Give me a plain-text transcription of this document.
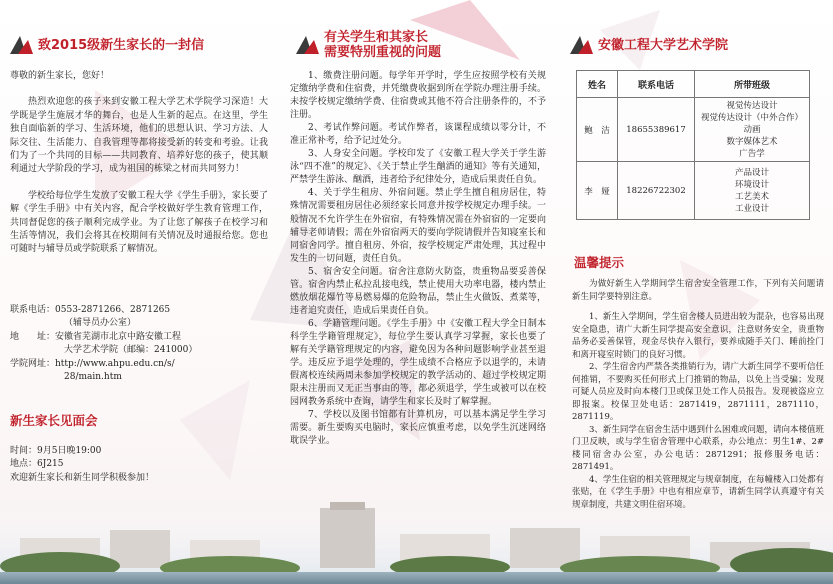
致2015级新生家长的一封信

尊敬的新生家长，您好！

热烈欢迎您的孩子来到安徽工程大学艺术学院学习深造！大学既是学生施展才华的舞台，也是人生新的起点。在这里，学生独自面临新的学习、生活环境，他们的思想认识、学习方法、人际交往、生活能力、自我管理等都将接受新的转变和考验。让我们为了一个共同的目标——共同教育、培养好您的孩子，使其顺利通过大学阶段的学习，成为祖国的栋梁之材而共同努力！

学校给每位学生发放了安徽工程大学《学生手册》，家长要了解《学生手册》中有关内容，配合学校做好学生教育管理工作，共同督促您的孩子顺利完成学业。为了让您了解孩子在校学习和生活等情况，我们会将其在校期间有关情况及时通报给您。您也可随时与辅导员或学院联系了解情况。

联系电话：0553-2871266、2871265

（辅导员办公室）

地　　址：安徽省芜湖市北京中路安徽工程

大学艺术学院（邮编：241000）

学院网址：http://www.ahpu.edu.cn/s/

28/main.htm

新生家长见面会

时间：9月5日晚19:00

地点：6J215

欢迎新生家长和新生同学积极参加！

有关学生和其家长
需要特别重视的问题

1、缴费注册问题。每学年开学时，学生应按照学校有关规定缴纳学费和住宿费，并凭缴费收据到所在学院办理注册手续。未按学校规定缴纳学费、住宿费或其他不符合注册条件的，不予注册。

2、考试作弊问题。考试作弊者，该课程成绩以零分计，不准正常补考，给予记过处分。

3、人身安全问题。学校印发了《安徽工程大学关于学生游泳“四不准”的规定》、《关于禁止学生酗酒的通知》等有关通知，严禁学生游泳、酗酒，违者给予纪律处分，造成后果责任自负。

4、关于学生租房、外宿问题。禁止学生擅自租房居住，特殊情况需要租房居住必须经家长同意并按学校规定办理手续。一般情况不允许学生在外宿宿，有特殊情况需在外宿宿的一定要向辅导老师请假；需在外宿宿两天的要向学院请假并告知寝室长和同宿舍同学。擅自租房、外宿，按学校规定严肃处理，其过程中发生的一切问题，责任自负。

5、宿舍安全问题。宿舍注意防火防盗，贵重物品要妥善保管。宿舍内禁止私拉乱接电线，禁止使用大功率电器，楼内禁止燃放烟花爆竹等易燃易爆的危险物品，禁止生火做饭、煮菜等，违者追究责任，造成后果责任自负。

6、学籍管理问题。《学生手册》中《安徽工程大学全日制本科学生学籍管理规定》，每位学生要认真学习掌握，家长也要了解有关学籍管理规定的内容，避免因为各种问题影响学业甚至退学。违反应予退学处理的，学生成绩不合格应予以退学的，未请假离校连续两周未参加学校规定的教学活动的、超过学校规定期限未注册而又无正当事由的等，都必须退学，学生或被可以在校园网教务系统中查询，请学生和家长及时了解掌握。

7、学校以及图书馆都有计算机房，可以基本满足学生学习需要。新生要购买电脑时，家长应慎重考虑，以免学生沉迷网络耽误学业。

安徽工程大学艺术学院
姓名	联系电话	所带班级
鲍　洁	18655389617	视觉传达设计
视觉传达设计（中外合作）
动画
数字媒体艺术
广告学

李　娅	18226722302	产品设计
环境设计
工艺美术
工业设计
温馨提示

为做好新生入学期间学生宿舍安全管理工作，下列有关问题请新生同学要特别注意。

1、新生入学期间，学生宿舍楼人员进出较为混杂，也容易出现安全隐患，请广大新生同学提高安全意识，注意财务安全，贵重物品务必妥善保管，现金尽快存入银行，要养成随手关门、睡前拴门和离开寝室时锁门的良好习惯。

2、学生宿舍内严禁各类推销行为，请广大新生同学不要听信任何推销，不要购买任何形式上门推销的物品，以免上当受骗；发现可疑人员应及时向本楼门卫或保卫处工作人员报告。发现被盗应立即报案。校保卫处电话：2871419，2871111，2871110，2871119。

3、新生同学在宿舍生活中遇到什么困难或问题，请向本楼值班门卫反映，或与学生宿舍管理中心联系，办公地点：男生1#、2#楼同宿舍办公室，办公电话：2871291；报修服务电话：2871491。

4、学生住宿的相关管理规定与规章制度，在每幢楼入口处都有张贴，在《学生手册》中也有相应章节，请新生同学认真遵守有关
